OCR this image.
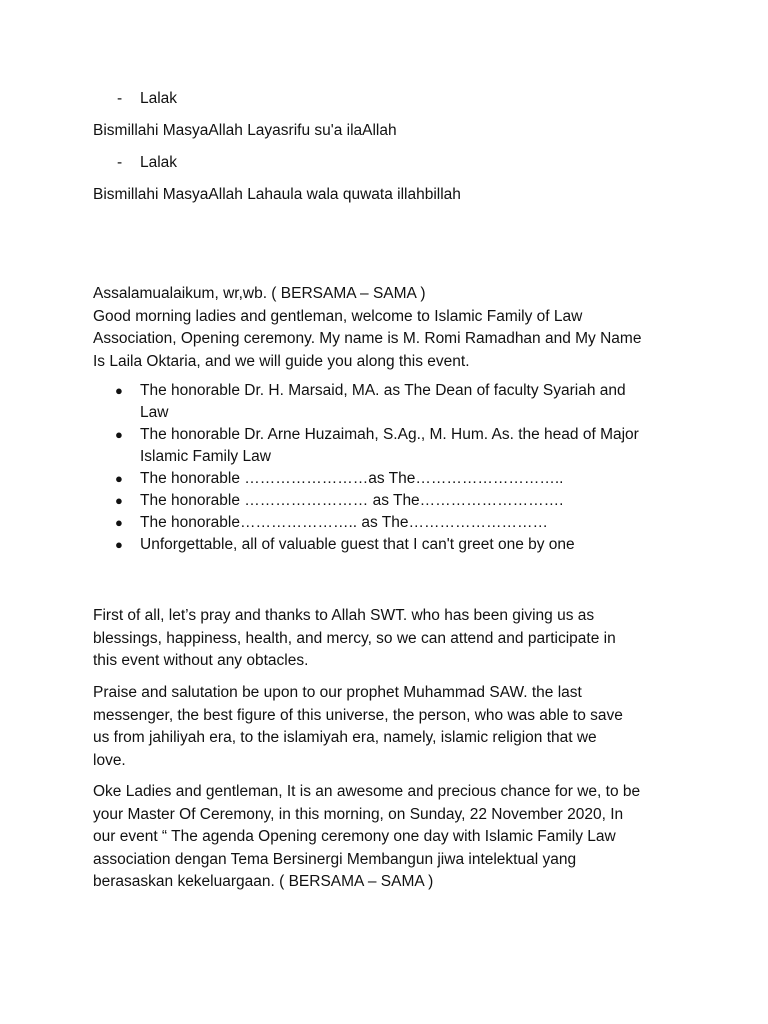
- Lalak
Bismillahi MasyaAllah Layasrifu su'a ilaAllah
- Lalak
Bismillahi MasyaAllah Lahaula wala quwata illahbillah
Assalamualaikum, wr,wb. ( BERSAMA – SAMA )
Good morning ladies and gentleman, welcome to Islamic Family of Law
Association, Opening ceremony. My name is M. Romi Ramadhan and My Name
Is Laila Oktaria, and we will guide you along this event.
● The honorable Dr. H. Marsaid, MA. as The Dean of faculty Syariah and
Law
● The honorable Dr. Arne Huzaimah, S.Ag., M. Hum. As. the head of Major
Islamic Family Law
● The honorable ……………………as The………………………..
● The honorable …………………… as The……………………….
● The honorable………………….. as The………………………
● Unforgettable, all of valuable guest that I can't greet one by one
First of all, let’s pray and thanks to Allah SWT. who has been giving us as
blessings, happiness, health, and mercy, so we can attend and participate in
this event without any obtacles.
Praise and salutation be upon to our prophet Muhammad SAW. the last
messenger, the best figure of this universe, the person, who was able to save
us from jahiliyah era, to the islamiyah era, namely, islamic religion that we
love.
Oke Ladies and gentleman, It is an awesome and precious chance for we, to be
your Master Of Ceremony, in this morning, on Sunday, 22 November 2020, In
our event “ The agenda Opening ceremony one day with Islamic Family Law
association dengan Tema Bersinergi Membangun jiwa intelektual yang
berasaskan kekeluargaan. ( BERSAMA – SAMA )
